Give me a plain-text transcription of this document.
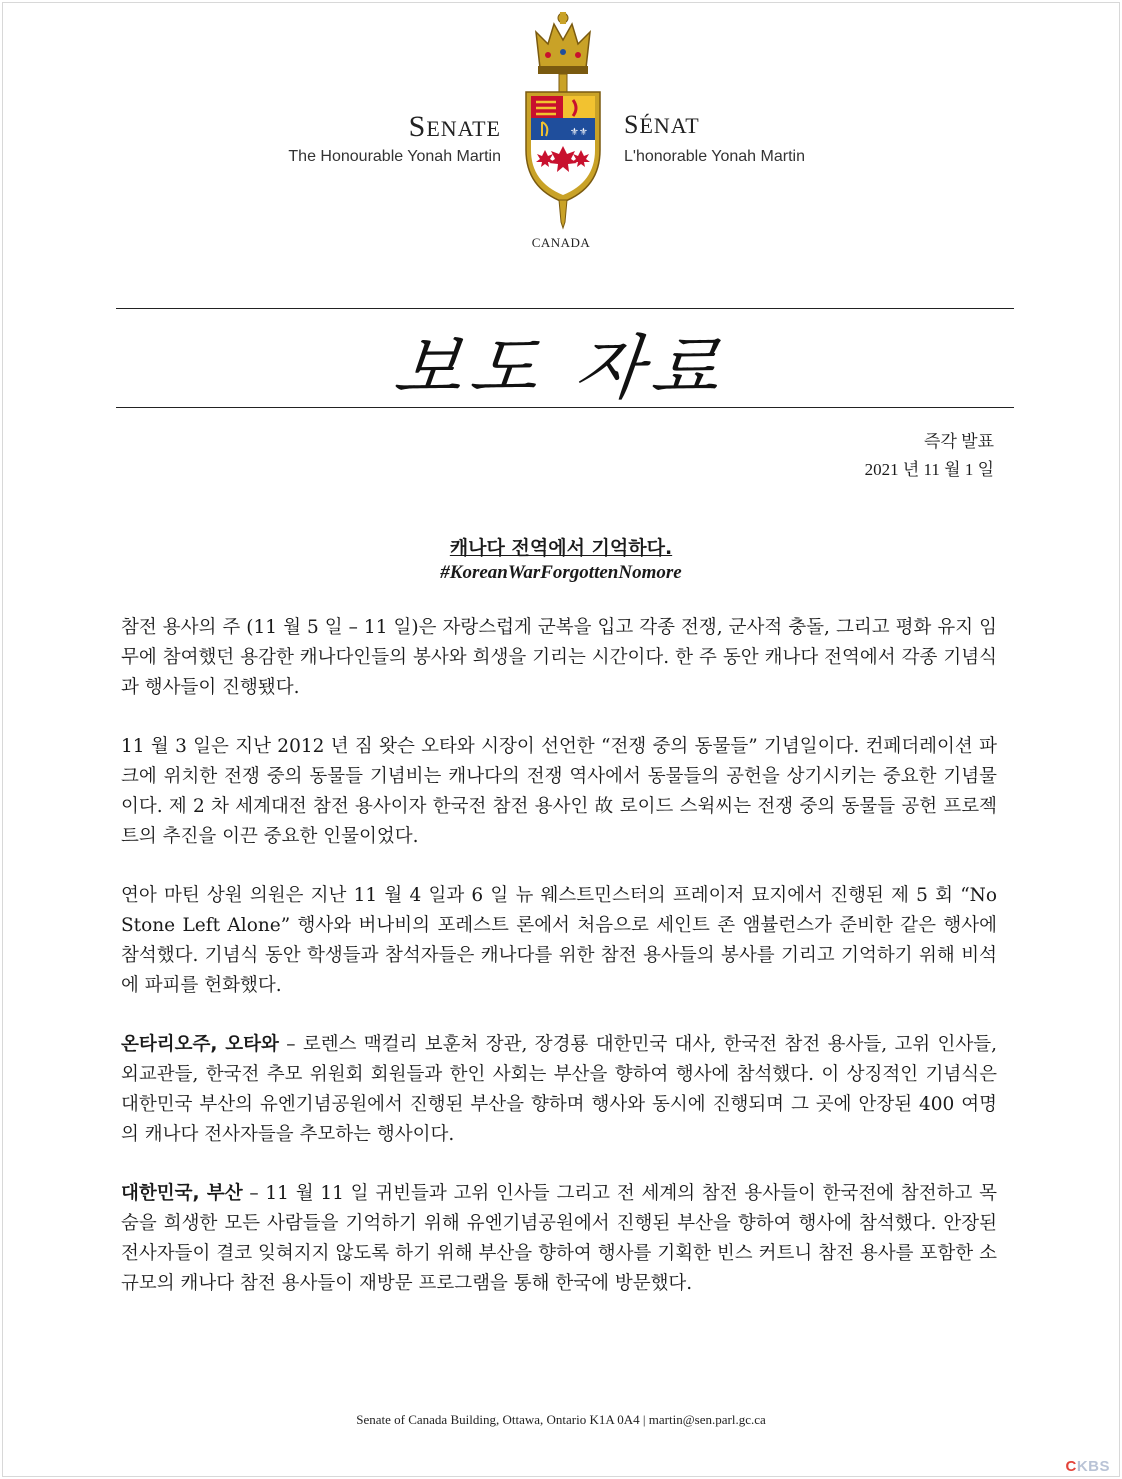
⚜⚜
SENATE
The Honourable Yonah Martin
SÉNAT
L'honorable Yonah Martin
CANADA
보도 자료
즉각 발표
2021 년 11 월 1 일
캐나다 전역에서 기억하다.
#KoreanWarForgottenNomore

참전 용사의 주 (11 월 5 일 – 11 일)은 자랑스럽게 군복을 입고 각종 전쟁, 군사적 충돌, 그리고 평화 유지 임무에 참여했던 용감한 캐나다인들의 봉사와 희생을 기리는 시간이다. 한 주 동안 캐나다 전역에서 각종 기념식과 행사들이 진행됐다.

11 월 3 일은 지난 2012 년 짐 왓슨 오타와 시장이 선언한 “전쟁 중의 동물들” 기념일이다. 컨페더레이션 파크에 위치한 전쟁 중의 동물들 기념비는 캐나다의 전쟁 역사에서 동물들의 공헌을 상기시키는 중요한 기념물이다. 제 2 차 세계대전 참전 용사이자 한국전 참전 용사인 故 로이드 스윅씨는 전쟁 중의 동물들 공헌 프로젝트의 추진을 이끈 중요한 인물이었다.

연아 마틴 상원 의원은 지난 11 월 4 일과 6 일 뉴 웨스트민스터의 프레이저 묘지에서 진행된 제 5 회 “No Stone Left Alone” 행사와 버나비의 포레스트 론에서 처음으로 세인트 존 앰뷸런스가 준비한 같은 행사에 참석했다. 기념식 동안 학생들과 참석자들은 캐나다를 위한 참전 용사들의 봉사를 기리고 기억하기 위해 비석에 파피를 헌화했다.

온타리오주, 오타와 – 로렌스 맥컬리 보훈처 장관, 장경룡 대한민국 대사, 한국전 참전 용사들, 고위 인사들, 외교관들, 한국전 추모 위원회 회원들과 한인 사회는 부산을 향하여 행사에 참석했다. 이 상징적인 기념식은 대한민국 부산의 유엔기념공원에서 진행된 부산을 향하며 행사와 동시에 진행되며 그 곳에 안장된 400 여명의 캐나다 전사자들을 추모하는 행사이다.

대한민국, 부산 – 11 월 11 일 귀빈들과 고위 인사들 그리고 전 세계의 참전 용사들이 한국전에 참전하고 목숨을 희생한 모든 사람들을 기억하기 위해 유엔기념공원에서 진행된 부산을 향하여 행사에 참석했다. 안장된 전사자들이 결코 잊혀지지 않도록 하기 위해 부산을 향하여 행사를 기획한 빈스 커트니 참전 용사를 포함한 소규모의 캐나다 참전 용사들이 재방문 프로그램을 통해 한국에 방문했다.

Senate of Canada Building, Ottawa, Ontario K1A 0A4 | martin@sen.parl.gc.ca
CKBS
